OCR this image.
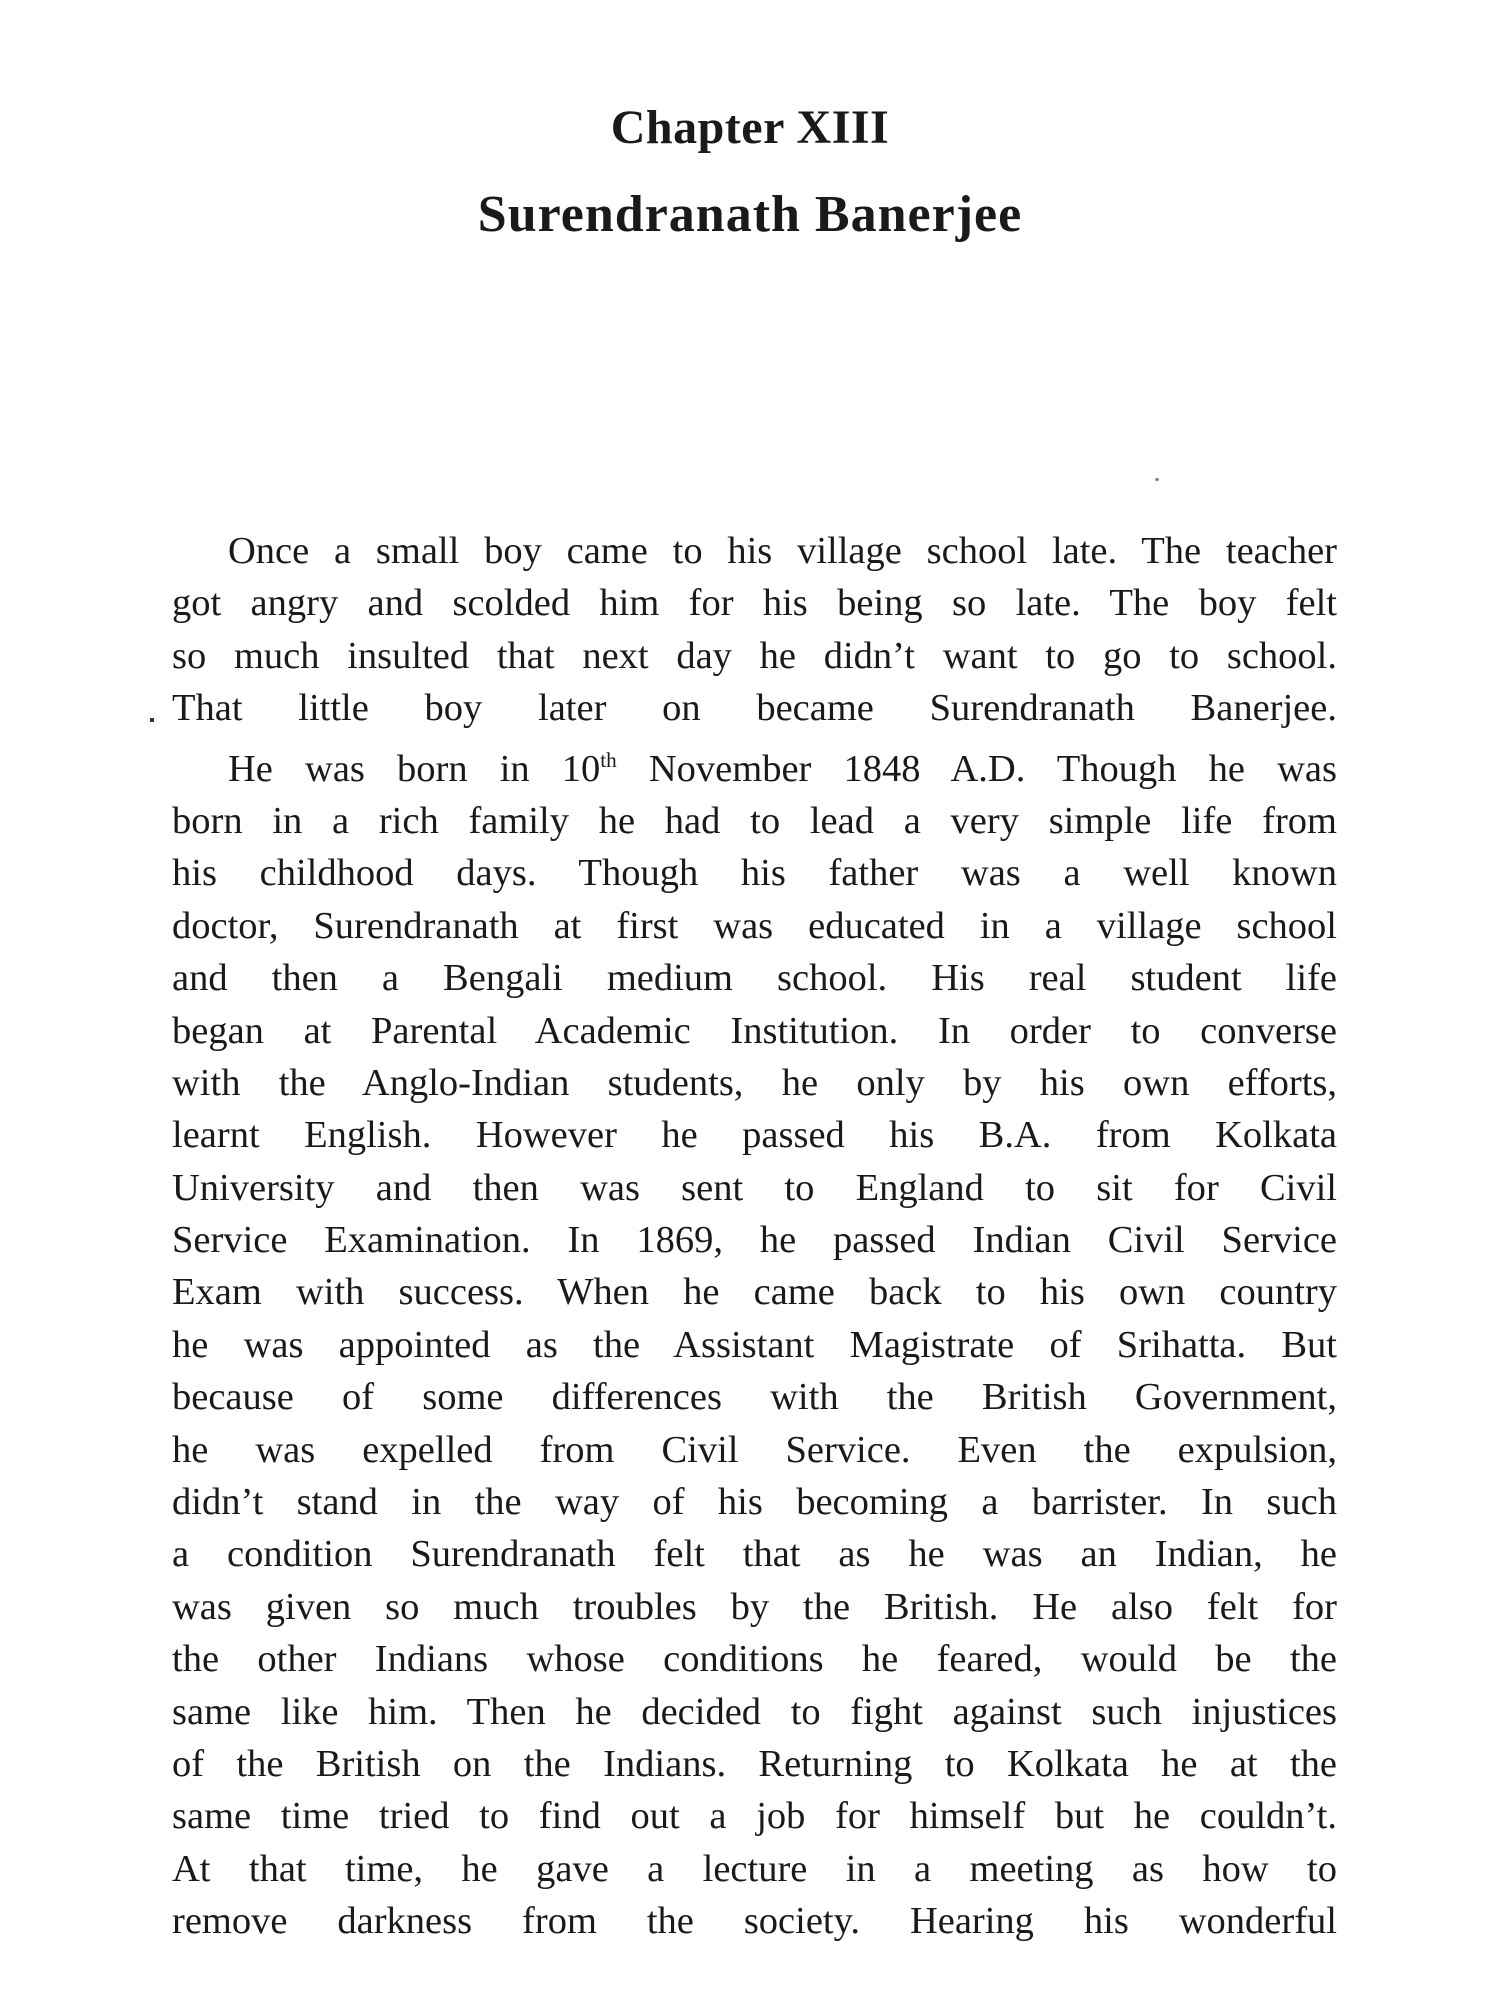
Chapter XIII
Surendranath Banerjee
Once a small boy came to his village school late. The teacher
got angry and scolded him for his being so late. The boy felt
so much insulted that next day he didn’t want to go to school.
That little boy later on became Surendranath Banerjee.
He was born in 10th November 1848 A.D. Though he was
born in a rich family he had to lead a very simple life from
his childhood days. Though his father was a well known
doctor, Surendranath at first was educated in a village school
and then a Bengali medium school. His real student life
began at Parental Academic Institution. In order to converse
with the Anglo-Indian students, he only by his own efforts,
learnt English. However he passed his B.A. from Kolkata
University and then was sent to England to sit for Civil
Service Examination. In 1869, he passed Indian Civil Service
Exam with success. When he came back to his own country
he was appointed as the Assistant Magistrate of Srihatta. But
because of some differences with the British Government,
he was expelled from Civil Service. Even the expulsion,
didn’t stand in the way of his becoming a barrister. In such
a condition Surendranath felt that as he was an Indian, he
was given so much troubles by the British. He also felt for
the other Indians whose conditions he feared, would be the
same like him. Then he decided to fight against such injustices
of the British on the Indians. Returning to Kolkata he at the
same time tried to find out a job for himself but he couldn’t.
At that time, he gave a lecture in a meeting as how to
remove darkness from the society. Hearing his wonderful
